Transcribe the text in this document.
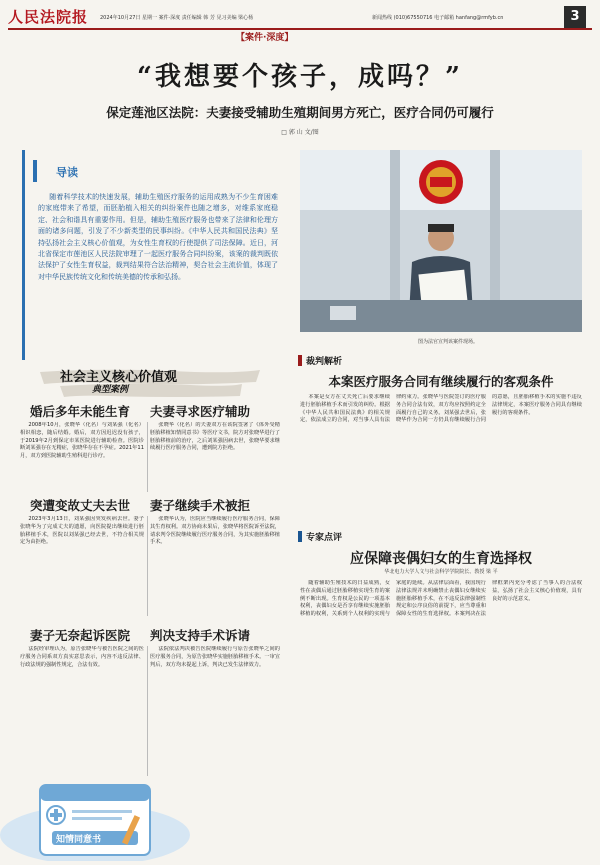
人民法院报 2024年10月27日 星期一 案件·深度 责任编辑 韩 芳 见习美编 梁心杨	新闻热线 (010)67550716 电子邮箱 hanfang@rmfyb.cn	3
【案件·深度】
“我想要个孩子，成吗？”
保定莲池区法院：夫妻接受辅助生殖期间男方死亡，医疗合同仍可履行
□ 郭 山 文/图
导读
随着科学技术的快速发展，辅助生殖医疗服务的运用成熟为不少生育困难的家庭带来了希望，而胚胎植入相关的纠纷案件也随之增多，对维系家庭稳定、社会和谐具有重要作用。但是，辅助生殖医疗服务也带来了法律和伦理方面的诸多问题，引发了不少新类型的民事纠纷。《中华人民共和国民法典》坚持弘扬社会主义核心价值观，为女性生育权的行使提供了司法保障。近日，河北省保定市莲池区人民法院审理了一起医疗服务合同纠纷案，该案的裁判既依法保护了女性生育权益，裁判结果符合法治精神，契合社会主流价值，体现了对中华民族传统文化和传统美德的传承和弘扬。
图为法官宣判该案件现场。
社会主义核心价值观
典型案例
婚后多年未能生育 夫妻寻求医疗辅助
2008年10月，张晓华（化名）与刘某强（化名）相识相恋，随后结婚。婚后，双方因迟迟没有孩子，于2019年2月到保定市某医院进行辅助检查。医院诊断刘某强存在无精症，张晓华存在不孕症。2021年11月，双方到医院辅助生殖科进行诊疗。
张晓华（化名）的夫妻双方在该院签署了《体外受精胚胎移植知情同意书》等医疗文书，院方对张晓华进行了胚胎移植前的治疗，之后刘某强因病去世，张晓华要求继续履行医疗服务合同，遭到院方拒绝。
突遭变故丈夫去世 妻子继续手术被拒
2023年3月13日，刘某强因突发疾病去世。妻子张晓华为了完成丈夫的遗愿，向医院提出继续进行胚胎移植手术，医院以刘某强已经去世，不符合相关规定为由拒绝。
张晓华认为，医院应当继续履行医疗服务合同，保障其生育权利。双方协商未果后，张晓华将医院诉至法院，请求判令医院继续履行医疗服务合同，为其实施胚胎移植手术。
妻子无奈起诉医院 判决支持手术诉请
法院经审理认为，原告张晓华与被告医院之间的医疗服务合同系双方真实意思表示，内容不违反法律、行政法规的强制性规定，合法有效。
法院依法判决被告医院继续履行与原告张晓华之间的医疗服务合同，为原告张晓华实施胚胎移植手术。一审宣判后，双方均未提起上诉，判决已发生法律效力。
裁判解析
本案医疗服务合同有继续履行的客观条件
本案是女方在丈夫死亡后要求继续进行胚胎移植手术而引发的纠纷。根据《中华人民共和国民法典》的相关规定，依法成立的合同，对当事人具有法律约束力。张晓华与医院签订的医疗服务合同合法有效，双方均应按照约定全面履行自己的义务。刘某强去世后，张晓华作为合同一方仍具有继续履行合同的意愿，且胚胎移植手术的实施不违反法律规定，本案医疗服务合同具有继续履行的客观条件。
专家点评
应保障丧偶妇女的生育选择权
华北电力大学人文与社会科学学院院长、教授 梁 平
随着辅助生殖技术的日益成熟，女性在丧偶后通过胚胎移植实现生育的案例不断出现。生育权是公民的一项基本权利，丧偶妇女是否享有继续实施胚胎移植的权利，关系到个人权利的实现与家庭的延续。从法律层面看，我国现行法律法规并未明确禁止丧偶妇女继续实施胚胎移植手术，在不违反法律强制性规定和公序良俗的前提下，应当尊重和保障女性的生育选择权。本案判决在法律框架内充分考虑了当事人的合法权益，弘扬了社会主义核心价值观，具有良好的示范意义。
知情同意书
